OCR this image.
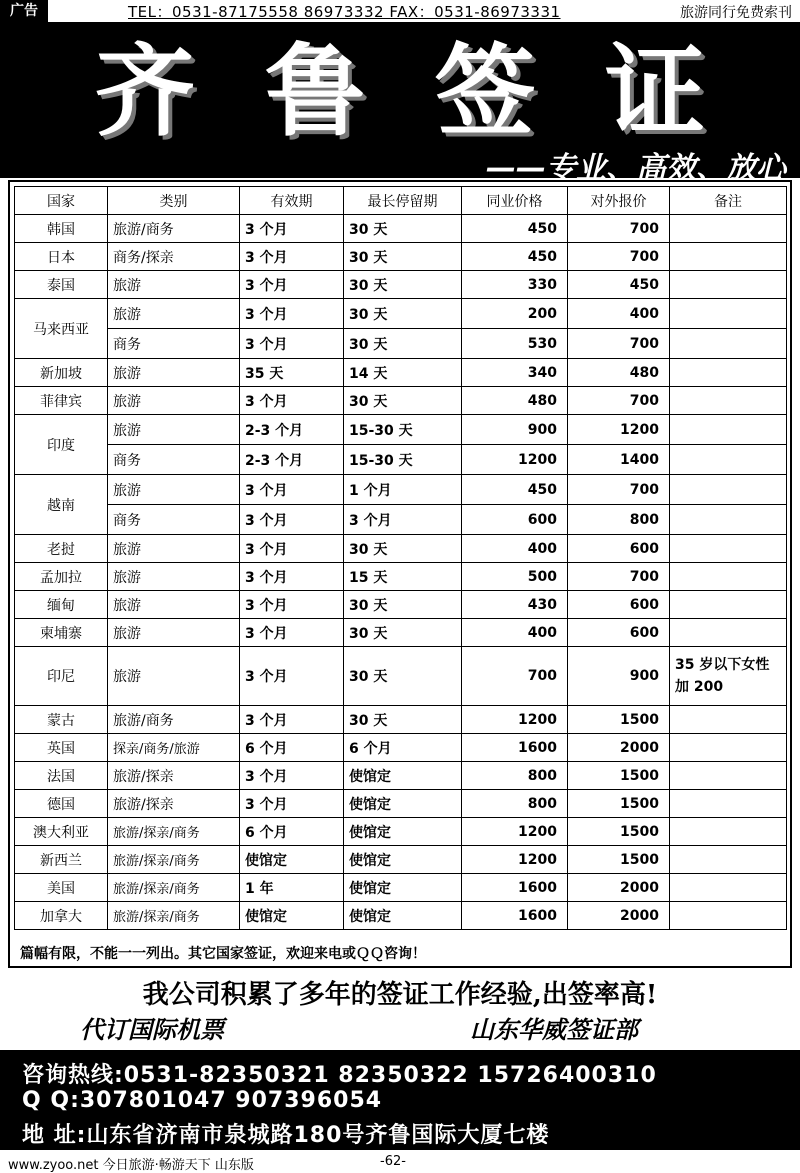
广告	TEL：0531-87175558 86973332 FAX：0531-86973331	旅游同行免费索刊
齐 鲁 签 证
——专业、高效、放心
国家	类别	有效期	最长停留期	同业价格	对外报价	备注
韩国	旅游/商务	3 个月	30 天	450	700	
日本	商务/探亲	3 个月	30 天	450	700	
泰国	旅游	3 个月	30 天	330	450	
马来西亚	旅游	3 个月	30 天	200	400	
	商务	3 个月	30 天	530	700	
新加坡	旅游	35 天	14 天	340	480	
菲律宾	旅游	3 个月	30 天	480	700	
印度	旅游	2-3 个月	15-30 天	900	1200	
	商务	2-3 个月	15-30 天	1200	1400	
越南	旅游	3 个月	1 个月	450	700	
	商务	3 个月	3 个月	600	800	
老挝	旅游	3 个月	30 天	400	600	
孟加拉	旅游	3 个月	15 天	500	700	
缅甸	旅游	3 个月	30 天	430	600	
柬埔寨	旅游	3 个月	30 天	400	600	
印尼	旅游	3 个月	30 天	700	900	35 岁以下女性加 200
蒙古	旅游/商务	3 个月	30 天	1200	1500	
英国	探亲/商务/旅游	6 个月	6 个月	1600	2000	
法国	旅游/探亲	3 个月	使馆定	800	1500	
德国	旅游/探亲	3 个月	使馆定	800	1500	
澳大利亚	旅游/探亲/商务	6 个月	使馆定	1200	1500	
新西兰	旅游/探亲/商务	使馆定	使馆定	1200	1500	
美国	旅游/探亲/商务	1 年	使馆定	1600	2000	
加拿大	旅游/探亲/商务	使馆定	使馆定	1600	2000	
篇幅有限，不能一一列出。其它国家签证，欢迎来电或ＱＱ咨询！
我公司积累了多年的签证工作经验,出签率高!
代订国际机票	山东华威签证部
咨询热线:0531-82350321 82350322 15726400310
Q Q:307801047 907396054
地 址:山东省济南市泉城路180号齐鲁国际大厦七楼
www.zyoo.net 今日旅游·畅游天下 山东版	-62-
